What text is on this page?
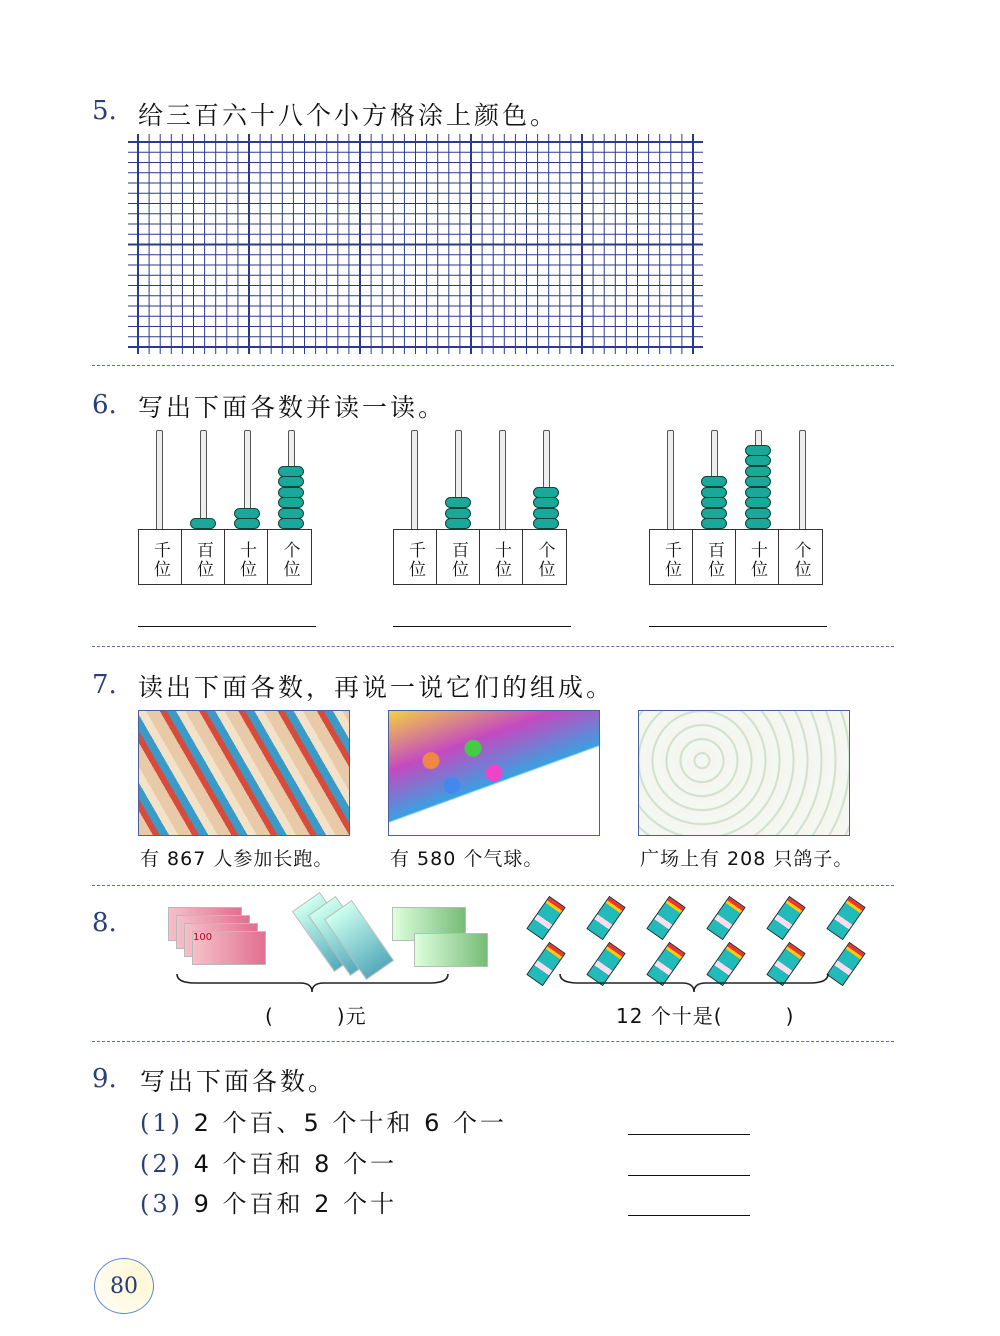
5. 给三百六十八个小方格涂上颜色。
6. 写出下面各数并读一读。
千位	百位	十位	个位	千位	百位	十位	个位	千位	百位	十位	个位
7. 读出下面各数，再说一说它们的组成。
有 867 人参加长跑。	有 580 个气球。	广场上有 208 只鸽子。
8.	100
(　　　)元	12 个十是(　　　)
9. 写出下面各数。
(1) 2 个百、5 个十和 6 个一
(2) 4 个百和 8 个一
(3) 9 个百和 2 个十
80
